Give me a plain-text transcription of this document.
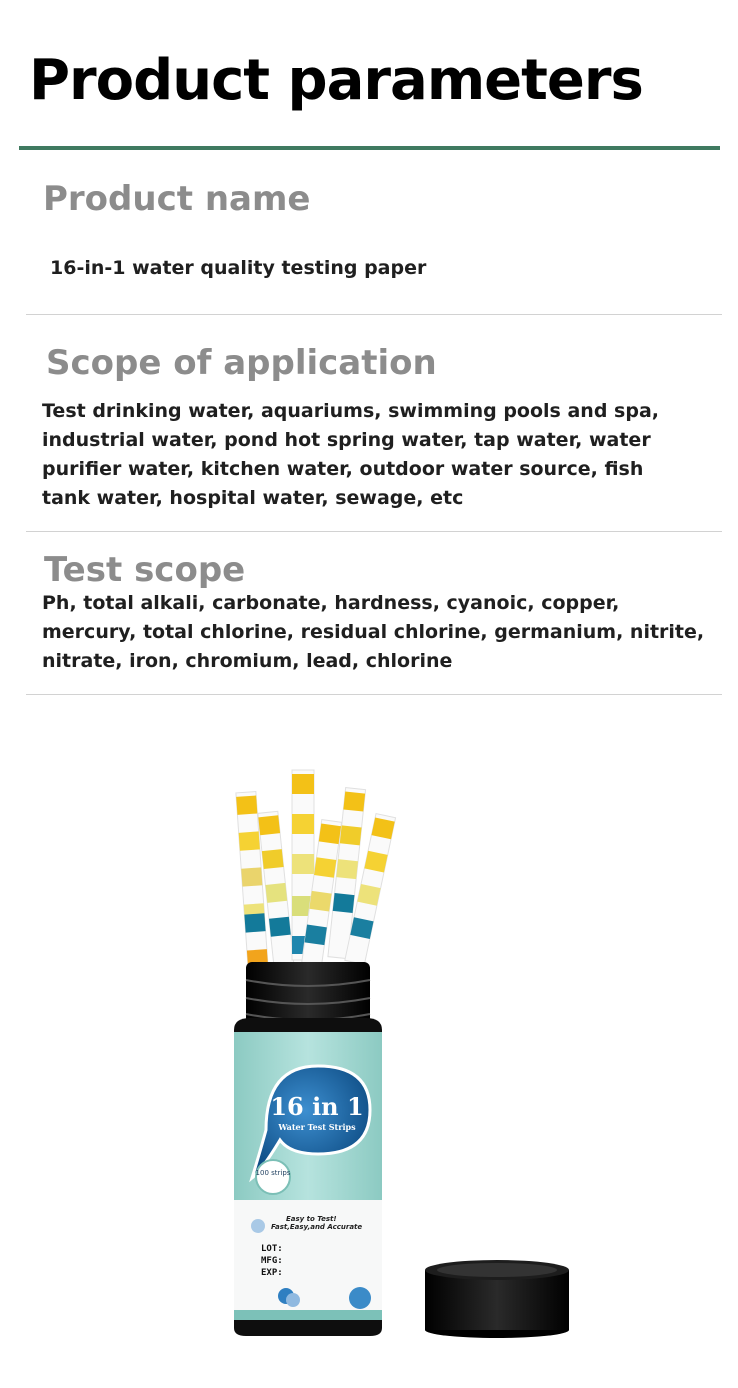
Product parameters
Product name

16-in-1 water quality testing paper

Scope of application
Test drinking water, aquariums, swimming pools and spa,
industrial water, pond hot spring water, tap water, water
purifier water, kitchen water, outdoor water source, fish
tank water, hospital water, sewage, etc
Test scope
Ph, total alkali, carbonate, hardness, cyanoic, copper,
mercury, total chlorine, residual chlorine, germanium, nitrite,
nitrate, iron, chromium, lead, chlorine
16 in 1
Water Test Strips
100 strips
Easy to Test!
Fast,Easy,and Accurate
LOT:
MFG:
EXP:
